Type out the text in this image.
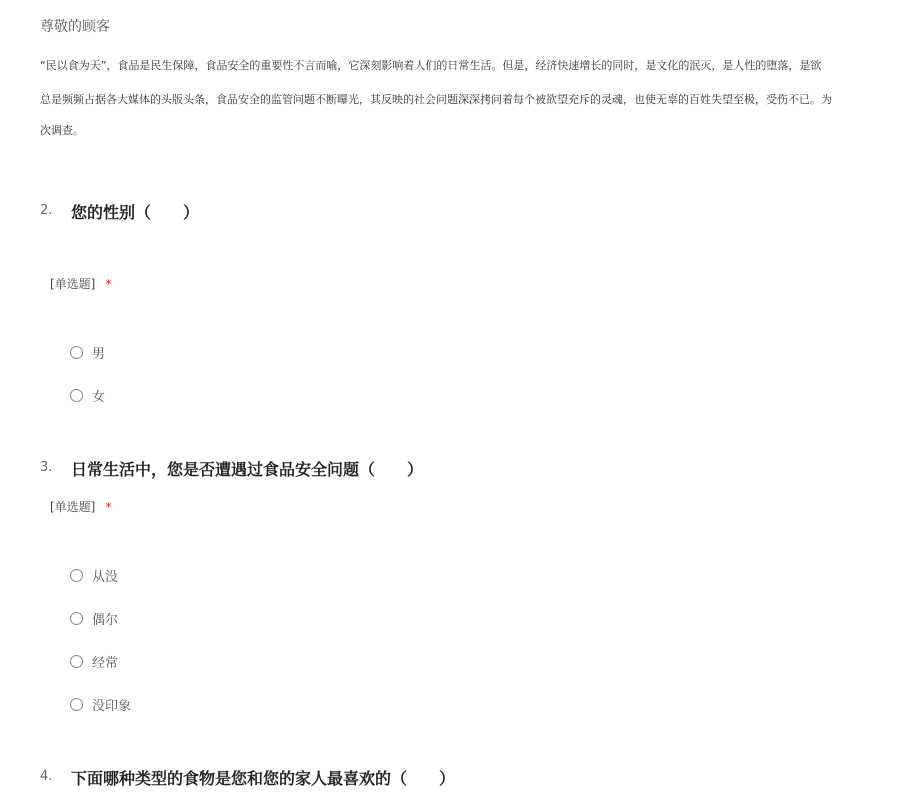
尊敬的顾客
“民以食为天”，食品是民生保障，食品安全的重要性不言而喻，它深刻影响着人们的日常生活。但是，经济快速增长的同时，是文化的泯灭，是人性的堕落，是欲
总是频频占据各大媒体的头版头条，食品安全的监管问题不断曝光，其反映的社会问题深深拷问着每个被欲望充斥的灵魂，也使无辜的百姓失望至极，受伤不已。为
次调查。
2. 您的性别（　　）
[单选题] *
男
女
3. 日常生活中，您是否遭遇过食品安全问题（　　）
[单选题] *
从没
偶尔
经常
没印象
4. 下面哪种类型的食物是您和您的家人最喜欢的（　　）
